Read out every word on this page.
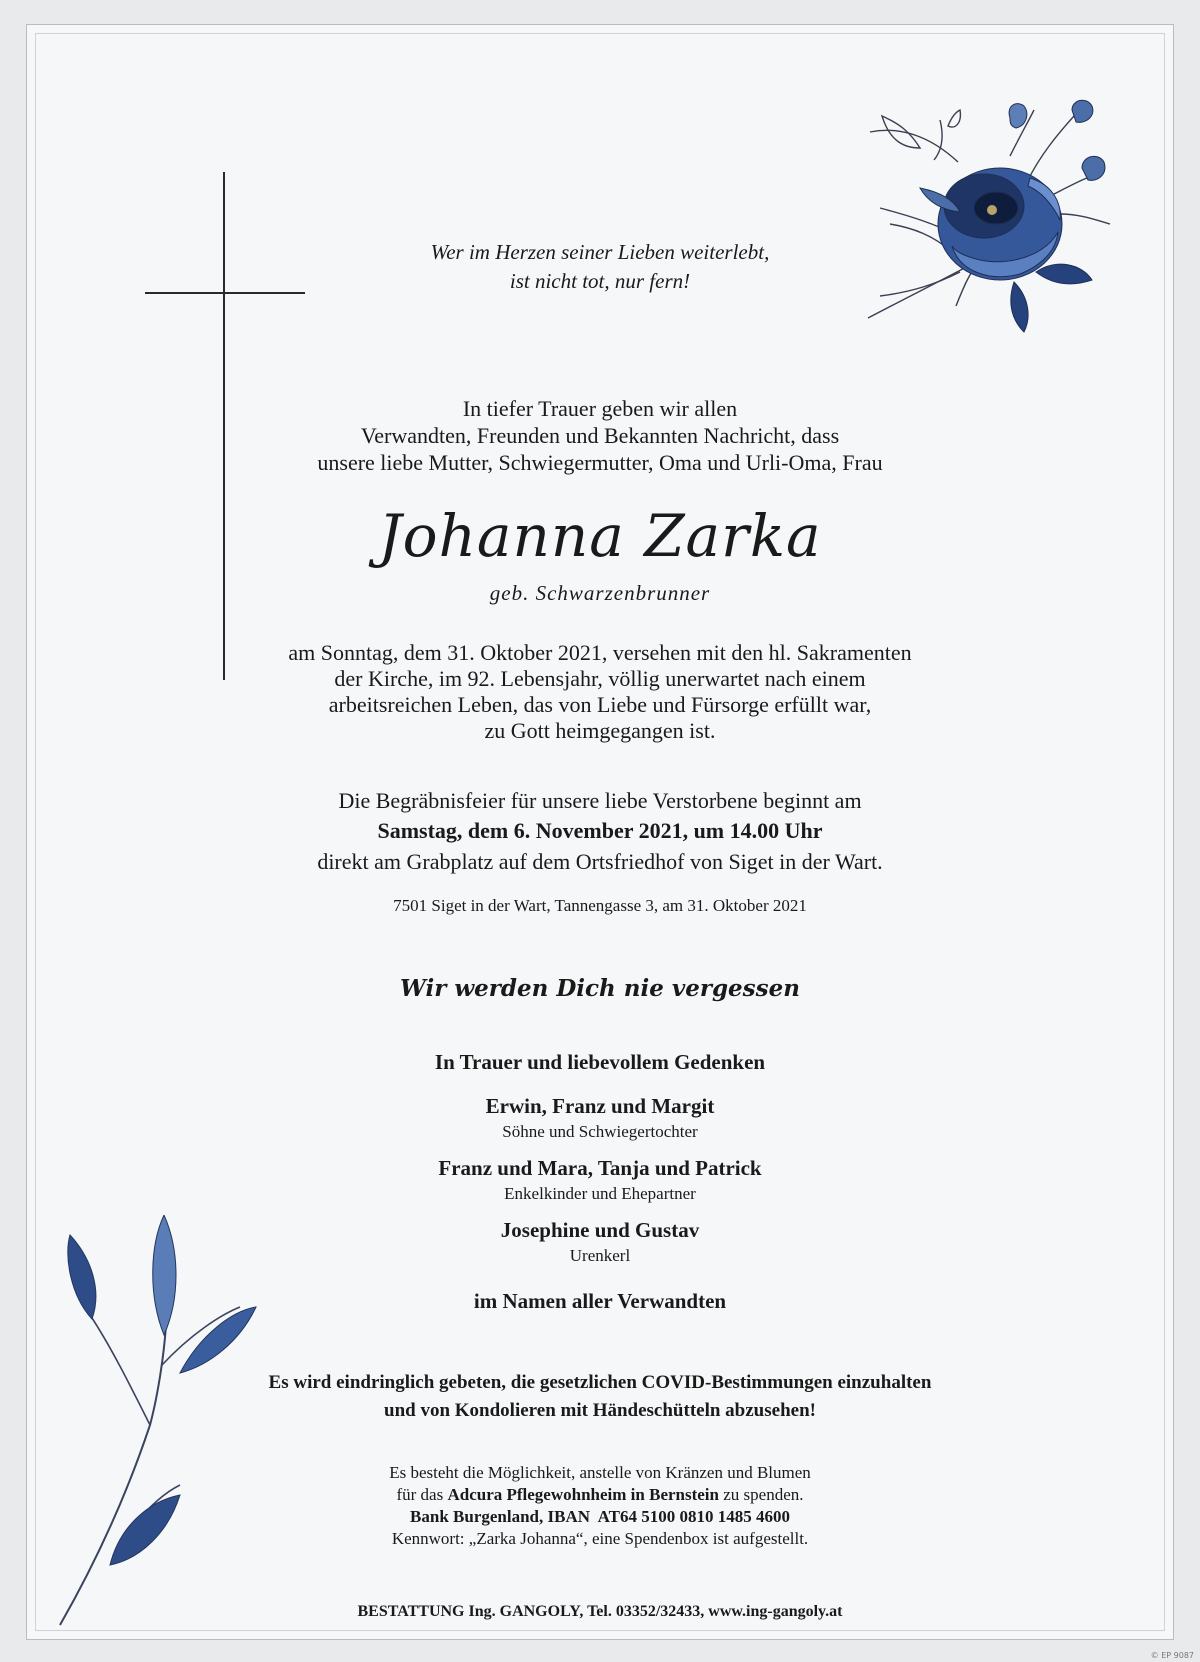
Wer im Herzen seiner Lieben weiterlebt,
ist nicht tot, nur fern!
In tiefer Trauer geben wir allen
Verwandten, Freunden und Bekannten Nachricht, dass
unsere liebe Mutter, Schwiegermutter, Oma und Urli-Oma, Frau
Johanna Zarka
geb. Schwarzenbrunner
am Sonntag, dem 31. Oktober 2021, versehen mit den hl. Sakramenten
der Kirche, im 92. Lebensjahr, völlig unerwartet nach einem
arbeitsreichen Leben, das von Liebe und Fürsorge erfüllt war,
zu Gott heimgegangen ist.
Die Begräbnisfeier für unsere liebe Verstorbene beginnt am
Samstag, dem 6. November 2021, um 14.00 Uhr
direkt am Grabplatz auf dem Ortsfriedhof von Siget in der Wart.
7501 Siget in der Wart, Tannengasse 3, am 31. Oktober 2021
Wir werden Dich nie vergessen
In Trauer und liebevollem Gedenken
Erwin, Franz und Margit
Söhne und Schwiegertochter
Franz und Mara, Tanja und Patrick
Enkelkinder und Ehepartner
Josephine und Gustav
Urenkerl
im Namen aller Verwandten
Es wird eindringlich gebeten, die gesetzlichen COVID-Bestimmungen einzuhalten
und von Kondolieren mit Händeschütteln abzusehen!
Es besteht die Möglichkeit, anstelle von Kränzen und Blumen
für das Adcura Pflegewohnheim in Bernstein zu spenden.
Bank Burgenland, IBAN  AT64 5100 0810 1485 4600
Kennwort: „Zarka Johanna“, eine Spendenbox ist aufgestellt.
BESTATTUNG Ing. GANGOLY, Tel. 03352/32433, www.ing-gangoly.at
© EP 9087
